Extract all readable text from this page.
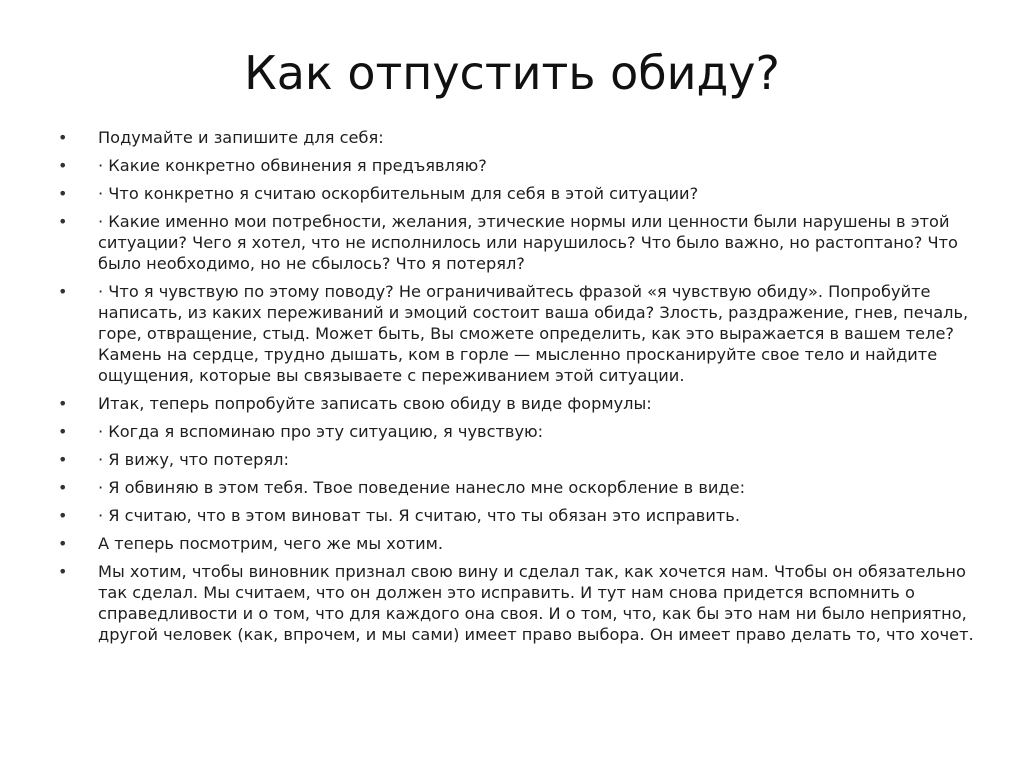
Как отпустить обиду?
• Подумайте и запишите для себя:
• · Какие конкретно обвинения я предъявляю?
• · Что конкретно я считаю оскорбительным для себя в этой ситуации?
• · Какие именно мои потребности, желания, этические нормы или ценности были нарушены в этой ситуации? Чего я хотел, что не исполнилось или нарушилось? Что было важно, но растоптано? Что было необходимо, но не сбылось? Что я потерял?
• · Что я чувствую по этому поводу? Не ограничивайтесь фразой «я чувствую обиду». Попробуйте написать, из каких переживаний и эмоций состоит ваша обида? Злость, раздражение, гнев, печаль, горе, отвращение, стыд. Может быть, Вы сможете определить, как это выражается в вашем теле? Камень на сердце, трудно дышать, ком в горле — мысленно просканируйте свое тело и найдите ощущения, которые вы связываете с переживанием этой ситуации.
• Итак, теперь попробуйте записать свою обиду в виде формулы:
• · Когда я вспоминаю про эту ситуацию, я чувствую:
• · Я вижу, что потерял:
• · Я обвиняю в этом тебя. Твое поведение нанесло мне оскорбление в виде:
• · Я считаю, что в этом виноват ты. Я считаю, что ты обязан это исправить.
• А теперь посмотрим, чего же мы хотим.
• Мы хотим, чтобы виновник признал свою вину и сделал так, как хочется нам. Чтобы он обязательно так сделал. Мы считаем, что он должен это исправить. И тут нам снова придется вспомнить о справедливости и о том, что для каждого она своя. И о том, что, как бы это нам ни было неприятно, другой человек (как, впрочем, и мы сами) имеет право выбора. Он имеет право делать то, что хочет.
